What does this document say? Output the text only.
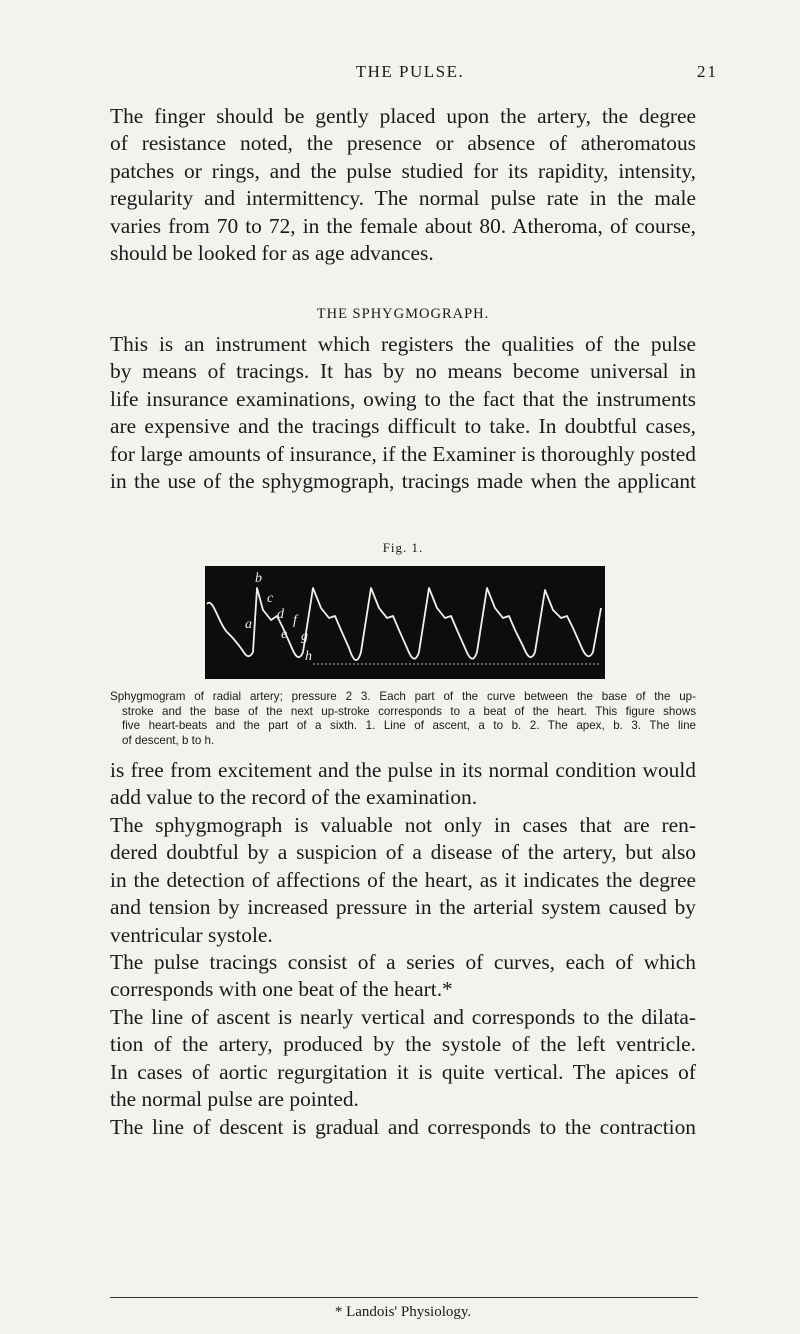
THE PULSE.	21
The finger should be gently placed upon the artery, the degree
of resistance noted, the presence or absence of atheromatous
patches or rings, and the pulse studied for its rapidity, intensity,
regularity and intermittency. The normal pulse rate in the male
varies from 70 to 72, in the female about 80. Atheroma, of course,
should be looked for as age advances.
THE SPHYGMOGRAPH.
This is an instrument which registers the qualities of the pulse
by means of tracings. It has by no means become universal in
life insurance examinations, owing to the fact that the instruments
are expensive and the tracings difficult to take. In doubtful cases,
for large amounts of insurance, if the Examiner is thoroughly posted
in the use of the sphygmograph, tracings made when the applicant
Fig. 1.
b
a
c
d
e
f
g
h
Sphygmogram of radial artery; pressure 2 3. Each part of the curve between the base of the up-
stroke and the base of the next up-stroke corresponds to a beat of the heart. This figure shows
five heart-beats and the part of a sixth. 1. Line of ascent, a to b. 2. The apex, b. 3. The line
of descent, b to h.
is free from excitement and the pulse in its normal condition would
add value to the record of the examination.
The sphygmograph is valuable not only in cases that are ren-
dered doubtful by a suspicion of a disease of the artery, but also
in the detection of affections of the heart, as it indicates the degree
and tension by increased pressure in the arterial system caused by
ventricular systole.
The pulse tracings consist of a series of curves, each of which
corresponds with one beat of the heart.*
The line of ascent is nearly vertical and corresponds to the dilata-
tion of the artery, produced by the systole of the left ventricle.
In cases of aortic regurgitation it is quite vertical. The apices of
the normal pulse are pointed.
The line of descent is gradual and corresponds to the contraction
* Landois' Physiology.
